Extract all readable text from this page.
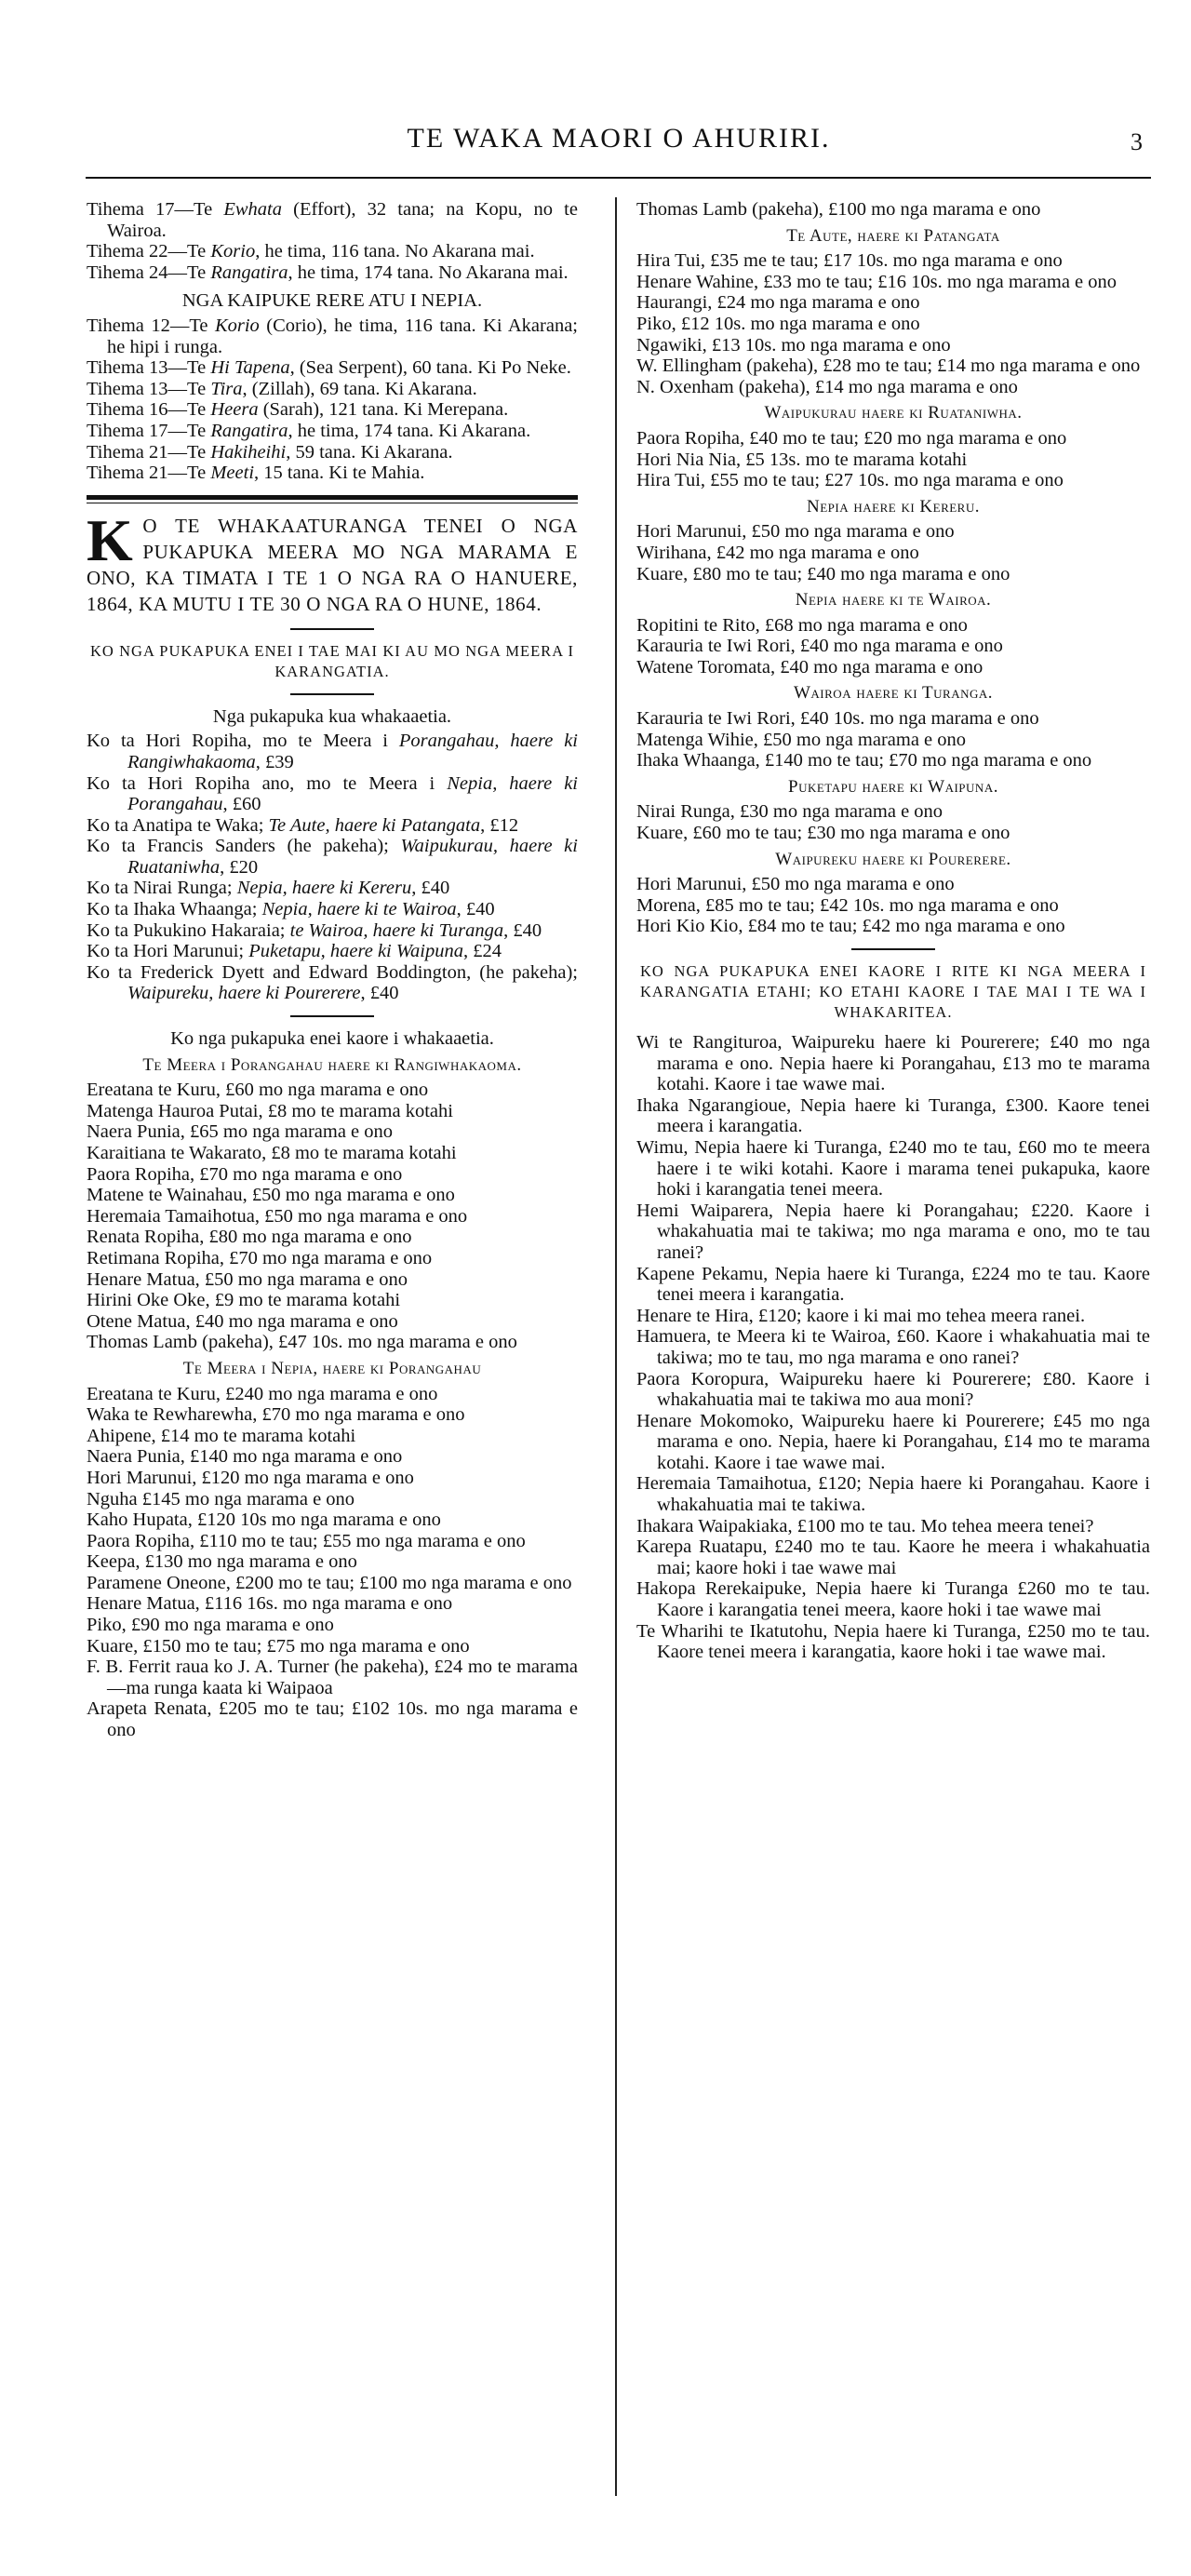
TE WAKA MAORI O AHURIRI.	3
Tihema 17—Te Ewhata (Effort), 32 tana; na Kopu, no te Wairoa.
Tihema 22—Te Korio, he tima, 116 tana. No Akarana mai.
Tihema 24—Te Rangatira, he tima, 174 tana. No Akarana mai.
NGA KAIPUKE RERE ATU I NEPIA.
Tihema 12—Te Korio (Corio), he tima, 116 tana. Ki Akarana; he hipi i runga.
Tihema 13—Te Hi Tapena, (Sea Serpent), 60 tana. Ki Po Neke.
Tihema 13—Te Tira, (Zillah), 69 tana. Ki Akarana.
Tihema 16—Te Heera (Sarah), 121 tana. Ki Merepana.
Tihema 17—Te Rangatira, he tima, 174 tana. Ki Akarana.
Tihema 21—Te Hakiheihi, 59 tana. Ki Akarana.
Tihema 21—Te Meeti, 15 tana. Ki te Mahia.
K O TE WHAKAATURANGA TENEI O NGA PUKAPUKA MEERA MO NGA MARAMA E ONO, KA TIMATA I TE 1 O NGA RA O HANUERE, 1864, KA MUTU I TE 30 O NGA RA O HUNE, 1864.
KO NGA PUKAPUKA ENEI I TAE MAI KI AU MO NGA MEERA I KARANGATIA.
Nga pukapuka kua whakaaetia.
Ko ta Hori Ropiha, mo te Meera i Porangahau, haere ki Rangiwhakaoma, £39
Ko ta Hori Ropiha ano, mo te Meera i Nepia, haere ki Porangahau, £60
Ko ta Anatipa te Waka; Te Aute, haere ki Patangata, £12
Ko ta Francis Sanders (he pakeha); Waipukurau, haere ki Ruataniwha, £20
Ko ta Nirai Runga; Nepia, haere ki Kereru, £40
Ko ta Ihaka Whaanga; Nepia, haere ki te Wairoa, £40
Ko ta Pukukino Hakaraia; te Wairoa, haere ki Turanga, £40
Ko ta Hori Marunui; Puketapu, haere ki Waipuna, £24
Ko ta Frederick Dyett and Edward Boddington, (he pakeha); Waipureku, haere ki Pourerere, £40
Ko nga pukapuka enei kaore i whakaaetia.
Te Meera i Porangahau haere ki Rangiwhakaoma.
Ereatana te Kuru, £60 mo nga marama e ono
Matenga Hauroa Putai, £8 mo te marama kotahi
Naera Punia, £65 mo nga marama e ono
Karaitiana te Wakarato, £8 mo te marama kotahi
Paora Ropiha, £70 mo nga marama e ono
Matene te Wainahau, £50 mo nga marama e ono
Heremaia Tamaihotua, £50 mo nga marama e ono
Renata Ropiha, £80 mo nga marama e ono
Retimana Ropiha, £70 mo nga marama e ono
Henare Matua, £50 mo nga marama e ono
Hirini Oke Oke, £9 mo te marama kotahi
Otene Matua, £40 mo nga marama e ono
Thomas Lamb (pakeha), £47 10s. mo nga marama e ono
Te Meera i Nepia, haere ki Porangahau
Ereatana te Kuru, £240 mo nga marama e ono
Waka te Rewharewha, £70 mo nga marama e ono
Ahipene, £14 mo te marama kotahi
Naera Punia, £140 mo nga marama e ono
Hori Marunui, £120 mo nga marama e ono
Nguha £145 mo nga marama e ono
Kaho Hupata, £120 10s mo nga marama e ono
Paora Ropiha, £110 mo te tau; £55 mo nga marama e ono
Keepa, £130 mo nga marama e ono
Paramene Oneone, £200 mo te tau; £100 mo nga marama e ono
Henare Matua, £116 16s. mo nga marama e ono
Piko, £90 mo nga marama e ono
Kuare, £150 mo te tau; £75 mo nga marama e ono
F. B. Ferrit raua ko J. A. Turner (he pakeha), £24 mo te marama—ma runga kaata ki Waipaoa
Arapeta Renata, £205 mo te tau; £102 10s. mo nga marama e ono
Thomas Lamb (pakeha), £100 mo nga marama e ono
Te Aute, haere ki Patangata
Hira Tui, £35 me te tau; £17 10s. mo nga marama e ono
Henare Wahine, £33 mo te tau; £16 10s. mo nga marama e ono
Haurangi, £24 mo nga marama e ono
Piko, £12 10s. mo nga marama e ono
Ngawiki, £13 10s. mo nga marama e ono
W. Ellingham (pakeha), £28 mo te tau; £14 mo nga marama e ono
N. Oxenham (pakeha), £14 mo nga marama e ono
Waipukurau haere ki Ruataniwha.
Paora Ropiha, £40 mo te tau; £20 mo nga marama e ono
Hori Nia Nia, £5 13s. mo te marama kotahi
Hira Tui, £55 mo te tau; £27 10s. mo nga marama e ono
Nepia haere ki Kereru.
Hori Marunui, £50 mo nga marama e ono
Wirihana, £42 mo nga marama e ono
Kuare, £80 mo te tau; £40 mo nga marama e ono
Nepia haere ki te Wairoa.
Ropitini te Rito, £68 mo nga marama e ono
Karauria te Iwi Rori, £40 mo nga marama e ono
Watene Toromata, £40 mo nga marama e ono
Wairoa haere ki Turanga.
Karauria te Iwi Rori, £40 10s. mo nga marama e ono
Matenga Wihie, £50 mo nga marama e ono
Ihaka Whaanga, £140 mo te tau; £70 mo nga marama e ono
Puketapu haere ki Waipuna.
Nirai Runga, £30 mo nga marama e ono
Kuare, £60 mo te tau; £30 mo nga marama e ono
Waipureku haere ki Pourerere.
Hori Marunui, £50 mo nga marama e ono
Morena, £85 mo te tau; £42 10s. mo nga marama e ono
Hori Kio Kio, £84 mo te tau; £42 mo nga marama e ono
KO NGA PUKAPUKA ENEI KAORE I RITE KI NGA MEERA I KARANGATIA ETAHI; KO ETAHI KAORE I TAE MAI I TE WA I WHAKARITEA.
Wi te Rangituroa, Waipureku haere ki Pourerere; £40 mo nga marama e ono. Nepia haere ki Porangahau, £13 mo te marama kotahi. Kaore i tae wawe mai.
Ihaka Ngarangioue, Nepia haere ki Turanga, £300. Kaore tenei meera i karangatia.
Wimu, Nepia haere ki Turanga, £240 mo te tau, £60 mo te meera haere i te wiki kotahi. Kaore i marama tenei pukapuka, kaore hoki i karangatia tenei meera.
Hemi Waiparera, Nepia haere ki Porangahau; £220. Kaore i whakahuatia mai te takiwa; mo nga marama e ono, mo te tau ranei?
Kapene Pekamu, Nepia haere ki Turanga, £224 mo te tau. Kaore tenei meera i karangatia.
Henare te Hira, £120; kaore i ki mai mo tehea meera ranei.
Hamuera, te Meera ki te Wairoa, £60. Kaore i whakahuatia mai te takiwa; mo te tau, mo nga marama e ono ranei?
Paora Koropura, Waipureku haere ki Pourerere; £80. Kaore i whakahuatia mai te takiwa mo aua moni?
Henare Mokomoko, Waipureku haere ki Pourerere; £45 mo nga marama e ono. Nepia, haere ki Porangahau, £14 mo te marama kotahi. Kaore i tae wawe mai.
Heremaia Tamaihotua, £120; Nepia haere ki Porangahau. Kaore i whakahuatia mai te takiwa.
Ihakara Waipakiaka, £100 mo te tau. Mo tehea meera tenei?
Karepa Ruatapu, £240 mo te tau. Kaore he meera i whakahuatia mai; kaore hoki i tae wawe mai
Hakopa Rerekaipuke, Nepia haere ki Turanga £260 mo te tau. Kaore i karangatia tenei meera, kaore hoki i tae wawe mai
Te Wharihi te Ikatutohu, Nepia haere ki Turanga, £250 mo te tau. Kaore tenei meera i karangatia, kaore hoki i tae wawe mai.
